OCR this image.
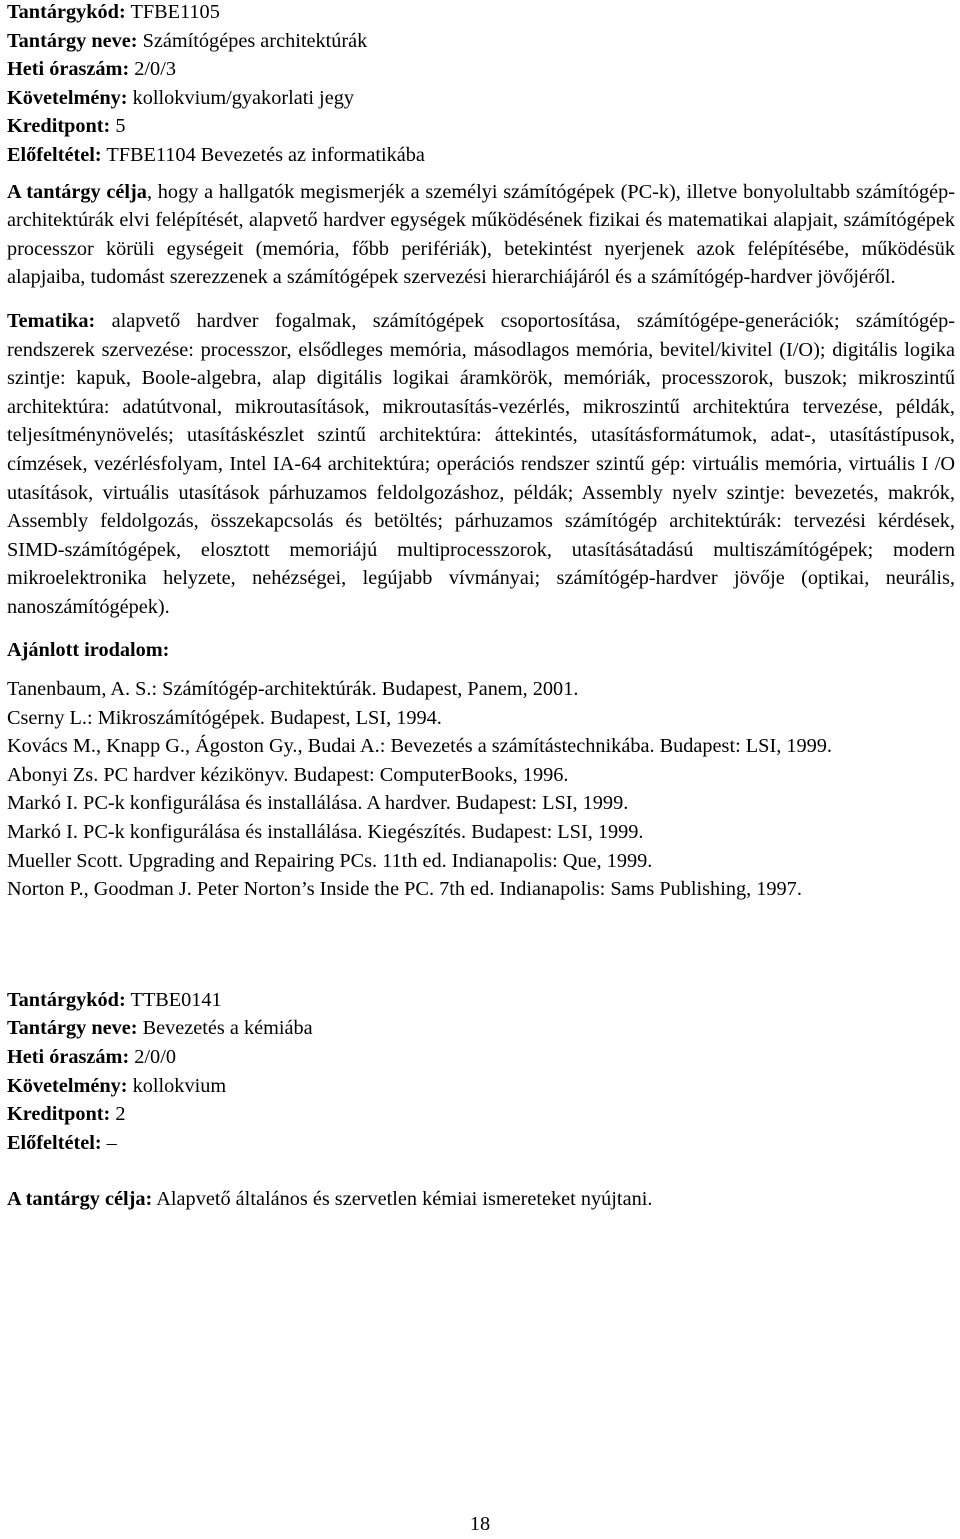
Tantárgykód: TFBE1105
Tantárgy neve: Számítógépes architektúrák
Heti óraszám: 2/0/3
Követelmény: kollokvium/gyakorlati jegy
Kreditpont: 5
Előfeltétel: TFBE1104 Bevezetés az informatikába
A tantárgy célja, hogy a hallgatók megismerjék a személyi számítógépek (PC-k), illetve bonyolultabb számítógép-architektúrák elvi felépítését, alapvető hardver egységek működésének fizikai és matematikai alapjait, számítógépek processzor körüli egységeit (memória, főbb perifériák), betekintést nyerjenek azok felépítésébe, működésük alapjaiba, tudomást szerezzenek a számítógépek szervezési hierarchiájáról és a számítógép-hardver jövőjéről.
Tematika: alapvető hardver fogalmak, számítógépek csoportosítása, számítógépe-generációk; számítógép-rendszerek szervezése: processzor, elsődleges memória, másodlagos memória, bevitel/kivitel (I/O); digitális logika szintje: kapuk, Boole-algebra, alap digitális logikai áramkörök, memóriák, processzorok, buszok; mikroszintű architektúra: adatútvonal, mikroutasítások, mikroutasítás-vezérlés, mikroszintű architektúra tervezése, példák, teljesítménynövelés; utasításkészlet szintű architektúra: áttekintés, utasításformátumok, adat-, utasítástípusok, címzések, vezérlésfolyam, Intel IA-64 architektúra; operációs rendszer szintű gép: virtuális memória, virtuális I /O utasítások, virtuális utasítások párhuzamos feldolgozáshoz, példák; Assembly nyelv szintje: bevezetés, makrók, Assembly feldolgozás, összekapcsolás és betöltés; párhuzamos számítógép architektúrák: tervezési kérdések, SIMD-számítógépek, elosztott memoriájú multiprocesszorok, utasításátadású multiszámítógépek; modern mikroelektronika helyzete, nehézségei, legújabb vívmányai; számítógép-hardver jövője (optikai, neurális, nanoszámítógépek).
Ajánlott irodalom:
Tanenbaum, A. S.: Számítógép-architektúrák. Budapest, Panem, 2001.
Cserny L.: Mikroszámítógépek. Budapest, LSI, 1994.
Kovács M., Knapp G., Ágoston Gy., Budai A.: Bevezetés a számítástechnikába. Budapest: LSI, 1999.
Abonyi Zs. PC hardver kézikönyv. Budapest: ComputerBooks, 1996.
Markó I. PC-k konfigurálása és installálása. A hardver. Budapest: LSI, 1999.
Markó I. PC-k konfigurálása és installálása. Kiegészítés. Budapest: LSI, 1999.
Mueller Scott. Upgrading and Repairing PCs. 11th ed. Indianapolis: Que, 1999.
Norton P., Goodman J. Peter Norton’s Inside the PC. 7th ed. Indianapolis: Sams Publishing, 1997.
Tantárgykód: TTBE0141
Tantárgy neve: Bevezetés a kémiába
Heti óraszám: 2/0/0
Követelmény: kollokvium
Kreditpont: 2
Előfeltétel: –
A tantárgy célja: Alapvető általános és szervetlen kémiai ismereteket nyújtani.
18
